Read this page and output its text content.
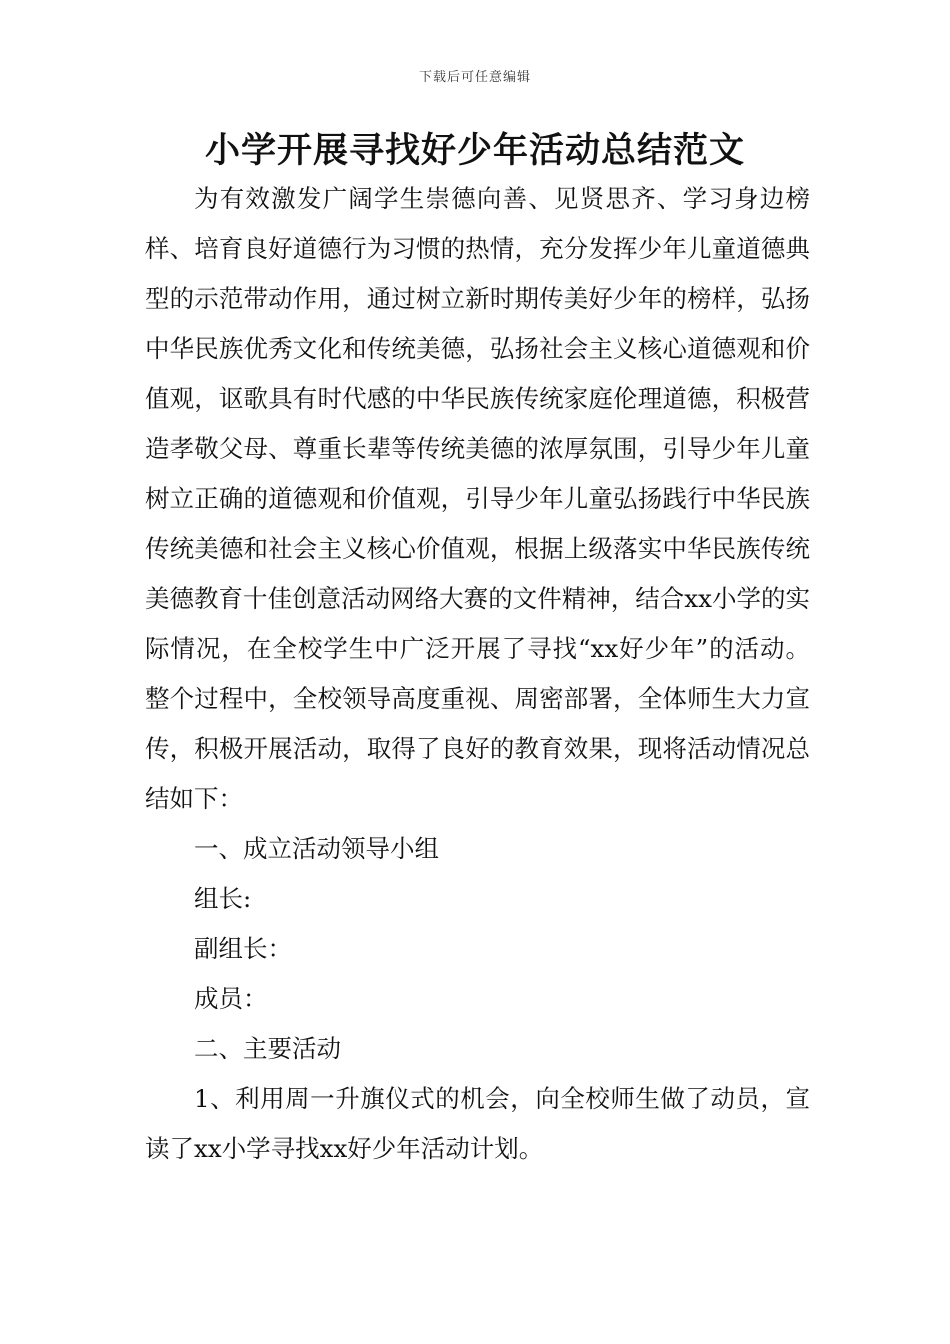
下载后可任意编辑
小学开展寻找好少年活动总结范文

为有效激发广阔学生崇德向善、见贤思齐、学习身边榜样、培育良好道德行为习惯的热情，充分发挥少年儿童道德典型的示范带动作用，通过树立新时期传美好少年的榜样，弘扬中华民族优秀文化和传统美德，弘扬社会主义核心道德观和价值观，讴歌具有时代感的中华民族传统家庭伦理道德，积极营造孝敬父母、尊重长辈等传统美德的浓厚氛围，引导少年儿童树立正确的道德观和价值观，引导少年儿童弘扬践行中华民族传统美德和社会主义核心价值观，根据上级落实中华民族传统美德教育十佳创意活动网络大赛的文件精神，结合xx小学的实际情况，在全校学生中广泛开展了寻找“xx好少年”的活动。整个过程中，全校领导高度重视、周密部署，全体师生大力宣传，积极开展活动，取得了良好的教育效果，现将活动情况总结如下：

一、成立活动领导小组

组长:

副组长：

成员：

二、主要活动

1、利用周一升旗仪式的机会，向全校师生做了动员，宣读了xx小学寻找xx好少年活动计划。
